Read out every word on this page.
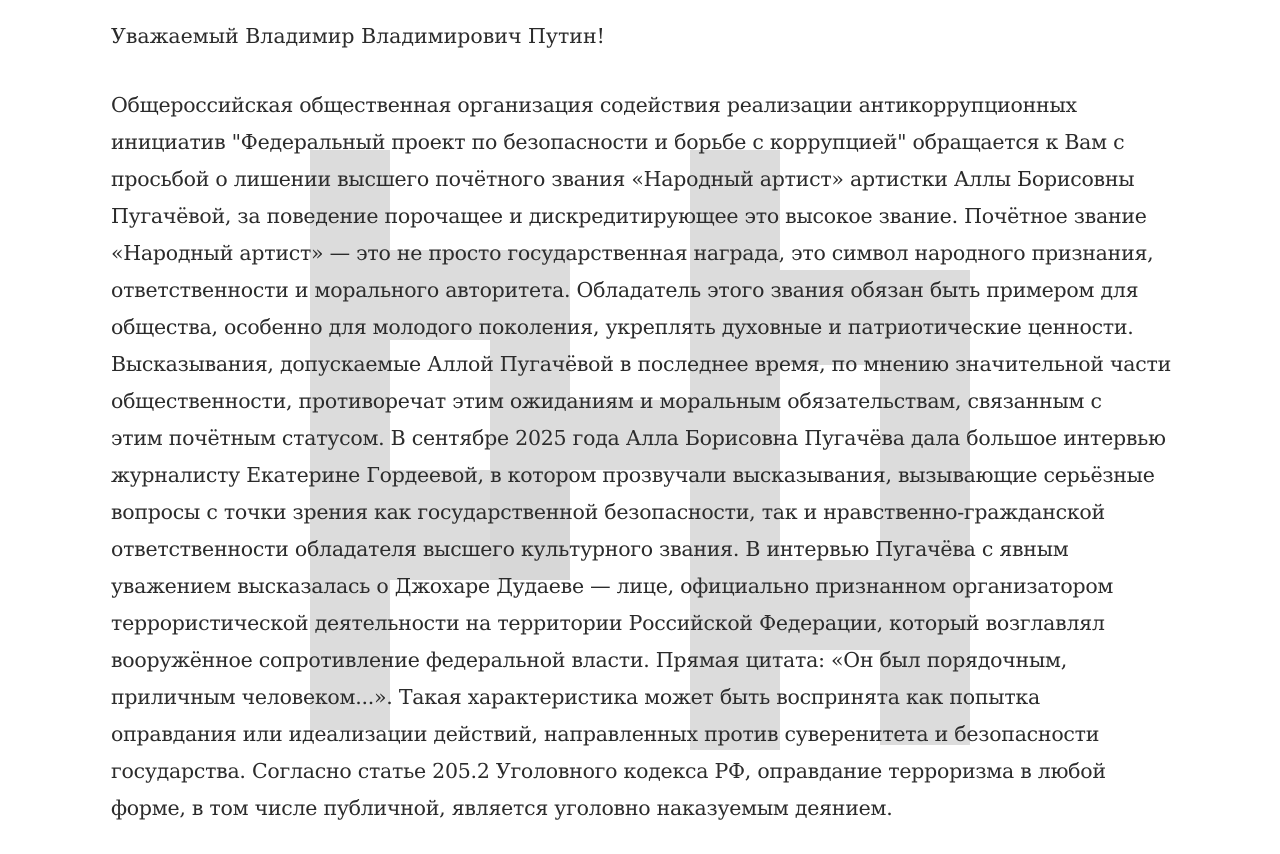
Уважаемый Владимир Владимирович Путин!

Общероссийская общественная организация содействия реализации антикоррупционных
инициатив "Федеральный проект по безопасности и борьбе с коррупцией" обращается к Вам с
просьбой о лишении высшего почётного звания «Народный артист» артистки Аллы Борисовны
Пугачёвой, за поведение порочащее и дискредитирующее это высокое звание. Почётное звание
«Народный артист» — это не просто государственная награда, это символ народного признания,
ответственности и морального авторитета. Обладатель этого звания обязан быть примером для
общества, особенно для молодого поколения, укреплять духовные и патриотические ценности.
Высказывания, допускаемые Аллой Пугачёвой в последнее время, по мнению значительной части
общественности, противоречат этим ожиданиям и моральным обязательствам, связанным с
этим почётным статусом. В сентябре 2025 года Алла Борисовна Пугачёва дала большое интервью
журналисту Екатерине Гордеевой, в котором прозвучали высказывания, вызывающие серьёзные
вопросы с точки зрения как государственной безопасности, так и нравственно-гражданской
ответственности обладателя высшего культурного звания. В интервью Пугачёва с явным
уважением высказалась о Джохаре Дудаеве — лице, официально признанном организатором
террористической деятельности на территории Российской Федерации, который возглавлял
вооружённое сопротивление федеральной власти. Прямая цитата: «Он был порядочным,
приличным человеком...». Такая характеристика может быть воспринята как попытка
оправдания или идеализации действий, направленных против суверенитета и безопасности
государства. Согласно статье 205.2 Уголовного кодекса РФ, оправдание терроризма в любой
форме, в том числе публичной, является уголовно наказуемым деянием.
